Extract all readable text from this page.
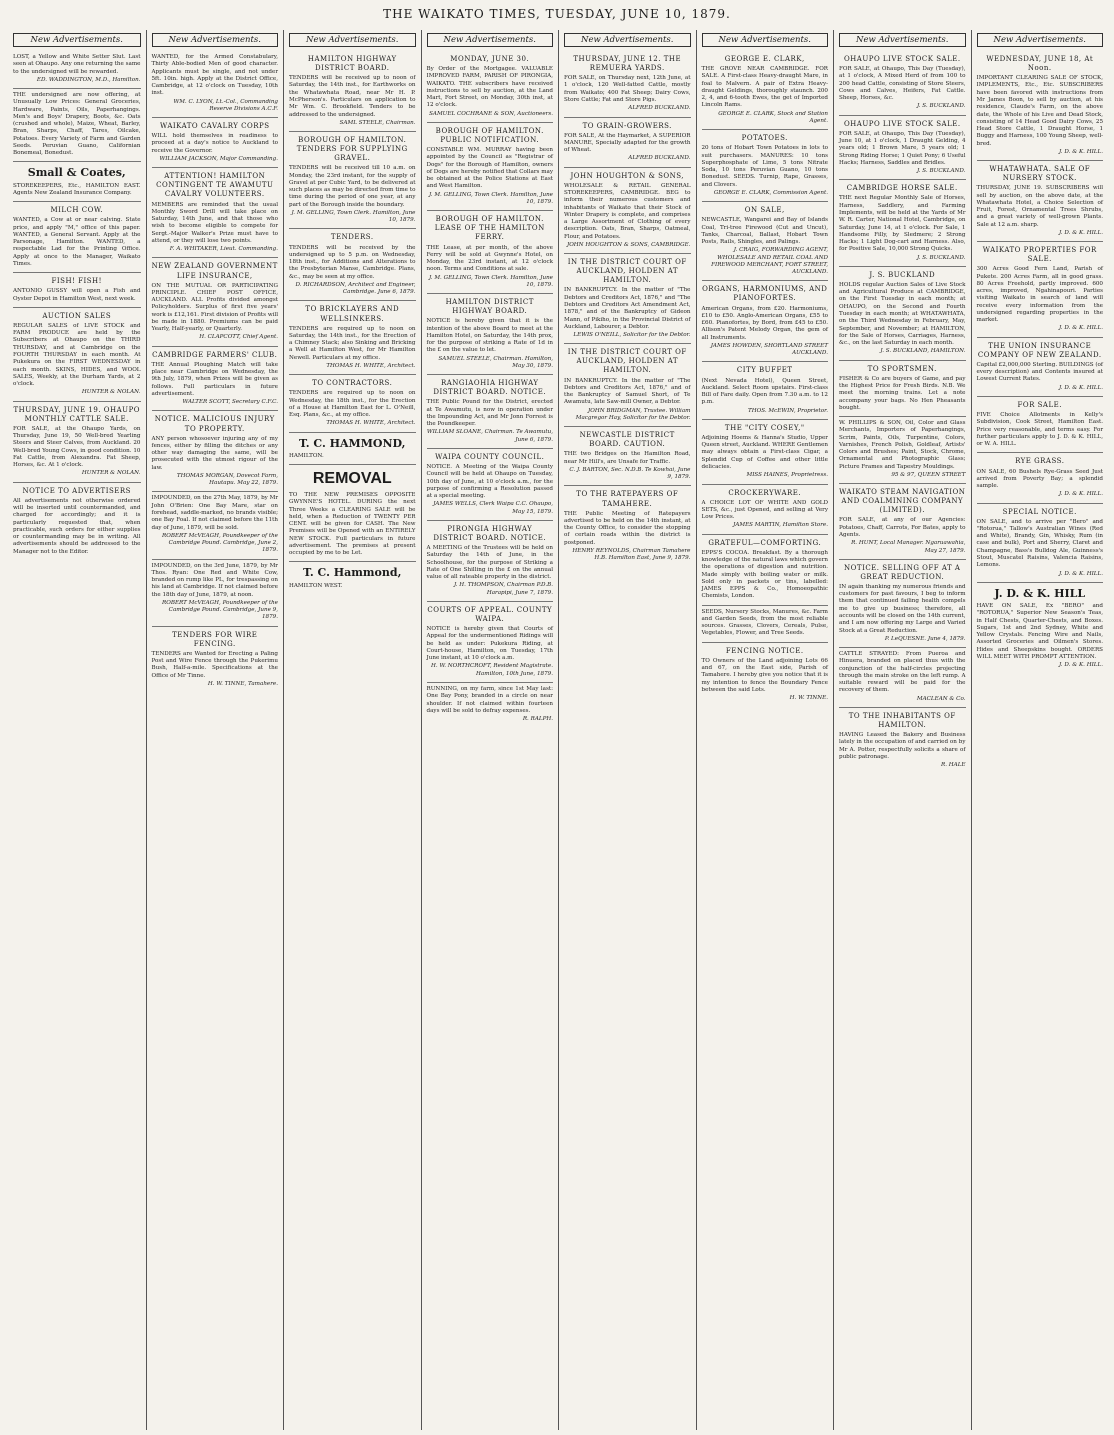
THE WAIKATO TIMES, TUESDAY, JUNE 10, 1879.
New Advertisements.

LOST, a Yellow and White Setter Slut. Last seen at Ohaupo. Any one returning the same to the undersigned will be rewarded.

ED. WADDINGTON, M.D., Hamilton.

THE undersigned are now offering, at Unusually Low Prices: General Groceries, Hardware, Paints, Oils, Paperhangings. Men's and Boys' Drapery, Boots, &c. Oats (crushed and whole), Maize, Wheat, Barley, Bran, Sharps, Chaff, Tares, Oilcake, Potatoes. Every Variety of Farm and Garden Seeds. Peruvian Guano, Californian Bonemeal, Bonedust.

Small & Coates,

STOREKEEPERS, Etc., HAMILTON EAST. Agents New Zealand Insurance Company.

MILCH COW.

WANTED, a Cow at or near calving. State price, and apply "M," office of this paper. WANTED, a General Servant. Apply at the Parsonage, Hamilton. WANTED, a respectable Lad for the Printing Office. Apply at once to the Manager, Waikato Times.

FISH! FISH!

ANTONIO GUSSY will open a Fish and Oyster Depot in Hamilton West, next week.

AUCTION SALES

REGULAR SALES of LIVE STOCK and FARM PRODUCE are held by the Subscribers at Ohaupo on the THIRD THURSDAY, and at Cambridge on the FOURTH THURSDAY in each month. At Pukekura on the FIRST WEDNESDAY in each month. SKINS, HIDES, and WOOL SALES, Weekly, at the Durham Yards, at 2 o'clock.

HUNTER & NOLAN.
THURSDAY, JUNE 19. OHAUPO MONTHLY CATTLE SALE.

FOR SALE, at the Ohaupo Yards, on Thursday, June 19, 50 Well-bred Yearling Steers and Steer Calves, from Auckland. 20 Well-bred Young Cows, in good condition. 10 Fat Cattle, from Alexandra. Fat Sheep, Horses, &c. At 1 o'clock.

HUNTER & NOLAN.
NOTICE TO ADVERTISERS

All advertisements not otherwise ordered will be inserted until countermanded, and charged for accordingly; and it is particularly requested that, when practicable, such orders for either supplies or countermanding may be in writing. All advertisements should be addressed to the Manager not to the Editor.

New Advertisements.

WANTED, for the Armed Constabulary, Thirty Able-bodied Men of good character. Applicants must be single, and not under 5ft. 10in. high. Apply at the District Office, Cambridge, at 12 o'clock on Tuesday, 10th inst.

WM. C. LYON, Lt.-Col., Commanding Reserve Divisions A.C.F.
WAIKATO CAVALRY CORPS

WILL hold themselves in readiness to proceed at a day's notice to Auckland to receive the Governor.

WILLIAM JACKSON, Major Commanding.
ATTENTION! HAMILTON CONTINGENT TE AWAMUTU CAVALRY VOLUNTEERS.

MEMBERS are reminded that the usual Monthly Sword Drill will take place on Saturday, 14th June, and that those who wish to become eligible to compete for Sergt.-Major Walker's Prize must have to attend, or they will lose two points.

F. A. WHITAKER, Lieut. Commanding.
NEW ZEALAND GOVERNMENT LIFE INSURANCE,

ON THE MUTUAL OR PARTICIPATING PRINCIPLE. CHIEF POST OFFICE, AUCKLAND. ALL Profits divided amongst Policyholders. Surplus of first five years' work is £12,161. First division of Profits will be made in 1880. Premiums can be paid Yearly, Half-yearly, or Quarterly.

H. CLAPCOTT, Chief Agent.
CAMBRIDGE FARMERS' CLUB.

THE Annual Ploughing Match will take place near Cambridge on Wednesday, the 9th July, 1879, when Prizes will be given as follows. Full particulars in future advertisement.

WALTER SCOTT, Secretary C.F.C.
NOTICE. MALICIOUS INJURY TO PROPERTY.

ANY person whosoever injuring any of my fences, either by filling the ditches or any other way damaging the same, will be prosecuted with the utmost rigour of the law.

THOMAS MORGAN, Dovecot Farm, Hautapu. May 22, 1879.

IMPOUNDED, on the 27th May, 1879, by Mr John O'Brien: One Bay Mare, star on forehead, saddle-marked, no brands visible; one Bay Foal. If not claimed before the 11th day of June, 1879, will be sold.

ROBERT McVEAGH, Poundkeeper of the Cambridge Pound. Cambridge, June 2, 1879.

IMPOUNDED, on the 3rd June, 1879, by Mr Thos. Ryan: One Red and White Cow, branded on rump like PL, for trespassing on his land at Cambridge. If not claimed before the 18th day of June, 1879, at noon.

ROBERT McVEAGH, Poundkeeper of the Cambridge Pound. Cambridge, June 9, 1879.
TENDERS FOR WIRE FENCING.

TENDERS are Wanted for Erecting a Paling Post and Wire Fence through the Pukerimu Bush, Half-a-mile. Specifications at the Office of Mr Tinne.

H. W. TINNE, Tamahere.
New Advertisements.
HAMILTON HIGHWAY DISTRICT BOARD.

TENDERS will be received up to noon of Saturday, the 14th inst., for Earthworks on the Whatawhata Road, near Mr H. P. McPherson's. Particulars on application to Mr Wm. C. Brookfield. Tenders to be addressed to the undersigned.

SAML STEELE, Chairman.
BOROUGH OF HAMILTON. TENDERS FOR SUPPLYING GRAVEL.

TENDERS will be received till 10 a.m. on Monday, the 23rd instant, for the supply of Gravel at per Cubic Yard, to be delivered at such places as may be directed from time to time during the period of one year, at any part of the Borough inside the boundary.

J. M. GELLING, Town Clerk. Hamilton, June 10, 1879.
TENDERS.

TENDERS will be received by the undersigned up to 5 p.m. on Wednesday, 18th inst., for Additions and Alterations to the Presbyterian Manse, Cambridge. Plans, &c., may be seen at my office.

D. RICHARDSON, Architect and Engineer, Cambridge. June 6, 1879.
TO BRICKLAYERS AND WELLSINKERS.

TENDERS are required up to noon on Saturday, the 14th inst., for the Erection of a Chimney Stack; also Sinking and Bricking a Well at Hamilton West, for Mr Hamilton Newell. Particulars at my office.

THOMAS H. WHITE, Architect.
TO CONTRACTORS.

TENDERS are required up to noon on Wednesday, the 18th inst., for the Erection of a House at Hamilton East for L. O'Neill, Esq. Plans, &c., at my office.

THOMAS H. WHITE, Architect.
T. C. HAMMOND,

HAMILTON.

REMOVAL

TO THE NEW PREMISES OPPOSITE GWYNNE'S HOTEL. DURING the next Three Weeks a CLEARING SALE will be held, when a Reduction of TWENTY PER CENT. will be given for CASH. The New Premises will be Opened with an ENTIRELY NEW STOCK. Full particulars in future advertisement. The premises at present occupied by me to be Let.

T. C. Hammond,

HAMILTON WEST.

New Advertisements.
MONDAY, JUNE 30.

By Order of the Mortgagee. VALUABLE IMPROVED FARM, PARISH OF PIRONGIA, WAIKATO. THE subscribers have received instructions to sell by auction, at the Land Mart, Fort Street, on Monday, 30th inst, at 12 o'clock.

SAMUEL COCHRANE & SON, Auctioneers.
BOROUGH OF HAMILTON. PUBLIC NOTIFICATION.

CONSTABLE WM. MURRAY having been appointed by the Council as "Registrar of Dogs" for the Borough of Hamilton, owners of Dogs are hereby notified that Collars may be obtained at the Police Stations at East and West Hamilton.

J. M. GELLING, Town Clerk. Hamilton, June 10, 1879.
BOROUGH OF HAMILTON. LEASE OF THE HAMILTON FERRY.

THE Lease, at per month, of the above Ferry will be sold at Gwynne's Hotel, on Monday, the 23rd instant, at 12 o'clock noon. Terms and Conditions at sale.

J. M. GELLING, Town Clerk. Hamilton, June 10, 1879.
HAMILTON DISTRICT HIGHWAY BOARD.

NOTICE is hereby given that it is the intention of the above Board to meet at the Hamilton Hotel, on Saturday, the 14th prox, for the purpose of striking a Rate of 1d in the £ on the value to let.

SAMUEL STEELE, Chairman. Hamilton, May 30, 1879.
RANGIAOHIA HIGHWAY DISTRICT BOARD. NOTICE.

THE Public Pound for the District, erected at Te Awamutu, is now in operation under the Impounding Act, and Mr Jonn Forrest is the Poundkeeper.

WILLIAM SLOANE, Chairman. Te Awamutu, June 6, 1879.
WAIPA COUNTY COUNCIL.

NOTICE. A Meeting of the Waipa County Council will be held at Ohaupo on Tuesday, 10th day of June, at 10 o'clock a.m., for the purpose of confirming a Resolution passed at a special meeting.

JAMES WELLS, Clerk Waipa C.C. Ohaupo, May 15, 1879.
PIRONGIA HIGHWAY DISTRICT BOARD. NOTICE.

A MEETING of the Trustees will be held on Saturday the 14th of June, in the Schoolhouse, for the purpose of Striking a Rate of One Shilling in the £ on the annual value of all rateable property in the district.

J. H. THOMPSON, Chairman P.D.B. Harapipi, June 7, 1879.
COURTS OF APPEAL. COUNTY WAIPA.

NOTICE is hereby given that Courts of Appeal for the undermentioned Ridings will be held as under: Pukekura Riding, at Court-house, Hamilton, on Tuesday, 17th June instant, at 10 o'clock a.m.

H. W. NORTHCROFT, Resident Magistrate. Hamilton, 10th June, 1879.

RUNNING, on my farm, since 1st May last: One Bay Pony, branded in a circle on near shoulder. If not claimed within fourteen days will be sold to defray expenses.

R. RALPH.
New Advertisements.
THURSDAY, JUNE 12. THE REMUERA YARDS.

FOR SALE, on Thursday next, 12th June, at 1 o'clock, 120 Well-fatted Cattle, mostly from Waikato; 400 Fat Sheep; Dairy Cows, Store Cattle; Fat and Store Pigs.

ALFRED BUCKLAND.
TO GRAIN-GROWERS.

FOR SALE, At the Haymarket, A SUPERIOR MANURE, Specially adapted for the growth of Wheat.

ALFRED BUCKLAND.
JOHN HOUGHTON & SONS,

WHOLESALE & RETAIL GENERAL STOREKEEPERS, CAMBRIDGE. BEG to inform their numerous customers and inhabitants of Waikato that their Stock of Winter Drapery is complete, and comprises a Large Assortment of Clothing of every description. Oats, Bran, Sharps, Oatmeal, Flour, and Potatoes.

JOHN HOUGHTON & SONS, CAMBRIDGE.
IN THE DISTRICT COURT OF AUCKLAND, HOLDEN AT HAMILTON.

IN BANKRUPTCY. In the matter of "The Debtors and Creditors Act, 1876," and "The Debtors and Creditors Act Amendment Act, 1878," and of the Bankruptcy of Gideon Mann, of Pikiho, in the Provincial District of Auckland, Labourer, a Debtor.

LEWIS O'NEILL, Solicitor for the Debtor.
IN THE DISTRICT COURT OF AUCKLAND, HOLDEN AT HAMILTON.

IN BANKRUPTCY. In the matter of "The Debtors and Creditors Act, 1876," and of the Bankruptcy of Samuel Short, of Te Awamutu, late Saw-mill Owner, a Debtor.

JOHN BRIDGMAN, Trustee. William Macgregor Hay, Solicitor for the Debtor.
NEWCASTLE DISTRICT BOARD. CAUTION.

THE two Bridges on the Hamilton Road, near Mr Hill's, are Unsafe for Traffic.

C. J. BARTON, Sec. N.D.B. Te Kowhai, June 9, 1879.
TO THE RATEPAYERS OF TAMAHERE.

THE Public Meeting of Ratepayers advertised to be held on the 14th instant, at the County Office, to consider the stopping of certain roads within the district is postponed.

HENRY REYNOLDS, Chairman Tamahere H.B. Hamilton East, June 9, 1879.
New Advertisements.
GEORGE E. CLARK,

THE GROVE NEAR CAMBRIDGE. FOR SALE. A First-class Heavy-draught Mare, in foal to Malvern. A pair of Extra Heavy-draught Geldings, thoroughly staunch. 200 2, 4, and 6-tooth Ewes, the get of Imported Lincoln Rams.

GEORGE E. CLARK, Stock and Station Agent.
POTATOES.

20 tons of Hobart Town Potatoes in lots to suit purchasers. MANURES: 10 tons Superphosphate of Lime, 5 tons Nitrate Soda, 10 tons Peruvian Guano, 10 tons Bonedust. SEEDS. Turnip, Rape, Grasses, and Clovers.

GEORGE E. CLARK, Commission Agent.
ON SALE,

NEWCASTLE, Wangarei and Bay of Islands Coal, Tri-tree Firewood (Cut and Uncut), Tanks, Charcoal, Ballast, Hobart Town Posts, Rails, Shingles, and Palings.

J. CRAIG, FORWARDING AGENT, WHOLESALE AND RETAIL COAL AND FIREWOOD MERCHANT, FORT STREET, AUCKLAND.
ORGANS, HARMONIUMS, AND PIANOFORTES.

American Organs, from £20. Harmoniums, £10 to £50. Anglo-American Organs, £55 to £60. Pianofortes, by Bord, from £45 to £50. Allison's Patent Melody Organ, the gem of all Instruments.

JAMES HOWDEN, SHORTLAND STREET AUCKLAND.
CITY BUFFET

(Next Nevada Hotel), Queen Street, Auckland. Select Room upstairs. First-class Bill of Fare daily. Open from 7.30 a.m. to 12 p.m.

THOS. McEWIN, Proprietor.
THE "CITY COSEY,"

Adjoining Hoems & Hanna's Studio, Upper Queen street, Auckland. WHERE Gentlemen may always obtain a First-class Cigar, a Splendid Cup of Coffee and other little delicacies.

MISS HAINES, Proprietress.
CROCKERYWARE.

A CHOICE LOT OF WHITE AND GOLD SETS, &c., just Opened, and selling at Very Low Prices.

JAMES MARTIN, Hamilton Store.
GRATEFUL—COMFORTING.

EPPS'S COCOA. Breakfast. By a thorough knowledge of the natural laws which govern the operations of digestion and nutrition. Made simply with boiling water or milk. Sold only in packets or tins, labelled: JAMES EPPS & Co., Homoeopathic Chemists, London.

SEEDS, Nursery Stocks, Manures, &c. Farm and Garden Seeds, from the most reliable sources. Grasses, Clovers, Cereals, Pulse, Vegetables, Flower, and Tree Seeds.

FENCING NOTICE.

TO Owners of the Land adjoining Lots 66 and 67, on the East side, Parish of Tamahere. I hereby give you notice that it is my intention to fence the Boundary Fence between the said Lots.

H. W. TINNE.
New Advertisements.
OHAUPO LIVE STOCK SALE.

FOR SALE, at Ohaupo, This Day (Tuesday), at 1 o'clock, A Mixed Herd of from 100 to 200 head Cattle, consisting of Store Steers, Cows and Calves, Heifers, Fat Cattle. Sheep, Horses, &c.

J. S. BUCKLAND.
OHAUPO LIVE STOCK SALE.

FOR SALE, at Ohaupo, This Day (Tuesday), June 10, at 1 o'clock, 1 Draught Gelding, 4 years old; 1 Brown Mare, 5 years old; 1 Strong Riding Horse; 1 Quiet Pony; 6 Useful Hacks; Harness, Saddles and Bridles.

J. S. BUCKLAND.
CAMBRIDGE HORSE SALE.

THE next Regular Monthly Sale of Horses, Harness, Saddlery, and Farming Implements, will be held at the Yards of Mr W. R. Carter, National Hotel, Cambridge, on Saturday, June 14, at 1 o'clock. For Sale, 1 Handsome Filly, by Sledmere; 2 Strong Hacks; 1 Light Dog-cart and Harness. Also, for Positive Sale, 10,000 Strong Quicks.

J. S. BUCKLAND.
J. S. BUCKLAND

HOLDS regular Auction Sales of Live Stock and Agricultural Produce at CAMBRIDGE, on the First Tuesday in each month; at OHAUPO, on the Second and Fourth Tuesday in each month; at WHATAWHATA, on the Third Wednesday in February, May, September, and November; at HAMILTON, for the Sale of Horses, Carriages, Harness, &c., on the last Saturday in each month.

J. S. BUCKLAND, HAMILTON.
TO SPORTSMEN.

FISHER & Co are buyers of Game, and pay the Highest Price for Fresh Birds. N.B. We meet the morning trains. Let a note accompany your bags. No Hen Pheasants bought.

W. PHILLIPS & SON, Oil, Color and Glass Merchants, Importers of Paperhangings, Scrim, Paints, Oils, Turpentine, Colors, Varnishes, French Polish, Goldleaf, Artists' Colors and Brushes; Paint, Stock, Chrome, Ornamental and Photographic Glass; Picture Frames and Tapestry Mouldings.

95 & 97, QUEEN STREET
WAIKATO STEAM NAVIGATION AND COALMINING COMPANY (LIMITED).

FOR SALE, at any of our Agencies: Potatoes, Chaff, Carrots, For Bates, apply to Agents.

R. HUNT, Local Manager. Ngaruawahia, May 27, 1879.
NOTICE. SELLING OFF AT A GREAT REDUCTION.

IN again thanking my numerous friends and customers for past favours, I beg to inform them that continued failing health compels me to give up business; therefore, all accounts will be closed on the 14th current, and I am now offering my Large and Varied Stock at a Great Reduction.

P. LeQUESNE. June 4, 1879.

CATTLE STRAYED: From Pueroa and Hinuera, branded on placed thus with the conjunction of the half-circles projecting through the main stroke on the left rump. A suitable reward will be paid for the recovery of them.

MACLEAN & Co.
TO THE INHABITANTS OF HAMILTON.

HAVING Leased the Bakery and Business lately in the occupation of and carried on by Mr A. Potter, respectfully solicits a share of public patronage.

R. HALE
New Advertisements.
WEDNESDAY, JUNE 18, At Noon.

IMPORTANT CLEARING SALE OF STOCK, IMPLEMENTS, Etc., Etc. SUBSCRIBERS have been favored with instructions from Mr James Boon, to sell by auction, at his residence, Claude's Farm, on the above date, the Whole of his Live and Dead Stock, consisting of 14 Head Good Dairy Cows, 25 Head Store Cattle, 1 Draught Horse, 1 Buggy and Harness, 100 Young Sheep, well-bred.

J. D. & K. HILL.
WHATAWHATA. SALE OF NURSERY STOCK.

THURSDAY, JUNE 19. SUBSCRIBERS will sell by auction, on the above date, at the Whatawhata Hotel, a Choice Selection of Fruit, Forest, Ornamental Trees Shrubs, and a great variety of well-grown Plants. Sale at 12 a.m. sharp.

J. D. & K. HILL.
WAIKATO PROPERTIES FOR SALE.

300 Acres Good Fern Land, Parish of Pukete. 200 Acres Farm, all in good grass. 80 Acres Freehold, partly improved. 600 acres, improved, Ngahinapouri. Parties visiting Waikato in search of land will receive every information from the undersigned regarding properties in the market.

J. D. & K. HILL.
THE UNION INSURANCE COMPANY OF NEW ZEALAND.

Capital £2,000,000 Sterling. BUILDINGS (of every description) and Contents insured at Lowest Current Rates.

J. D. & K. HILL.
FOR SALE.

FIVE Choice Allotments in Kelly's Subdivision, Cook Street, Hamilton East. Price very reasonable, and terms easy. For further particulars apply to J. D. & K. HILL, or W. A. HILL.

RYE GRASS.

ON SALE, 60 Bushels Rye-Grass Seed Just arrived from Poverty Bay; a splendid sample.

J. D. & K. HILL.
SPECIAL NOTICE.

ON SALE, and to arrive per "Bero" and "Rotorua," Tallow's Australian Wines (Red and White), Brandy, Gin, Whisky, Rum (in case and bulk), Port and Sherry, Claret and Champagne, Bass's Bulldog Ale, Guinness's Stout, Muscatel Raisins, Valencia Raisins, Lemons.

J. D. & K. HILL.
J. D. & K. HILL

HAVE ON SALE, Ex "BERO" and "ROTORUA," Superior New Season's Teas, in Half Chests, Quarter-Chests, and Boxes. Sugars, 1st and 2nd Sydney, White and Yellow Crystals. Fencing Wire and Nails, Assorted Groceries and Oilmen's Stores. Hides and Sheepskins bought. ORDERS WILL MEET WITH PROMPT ATTENTION.

J. D. & K. HILL.
